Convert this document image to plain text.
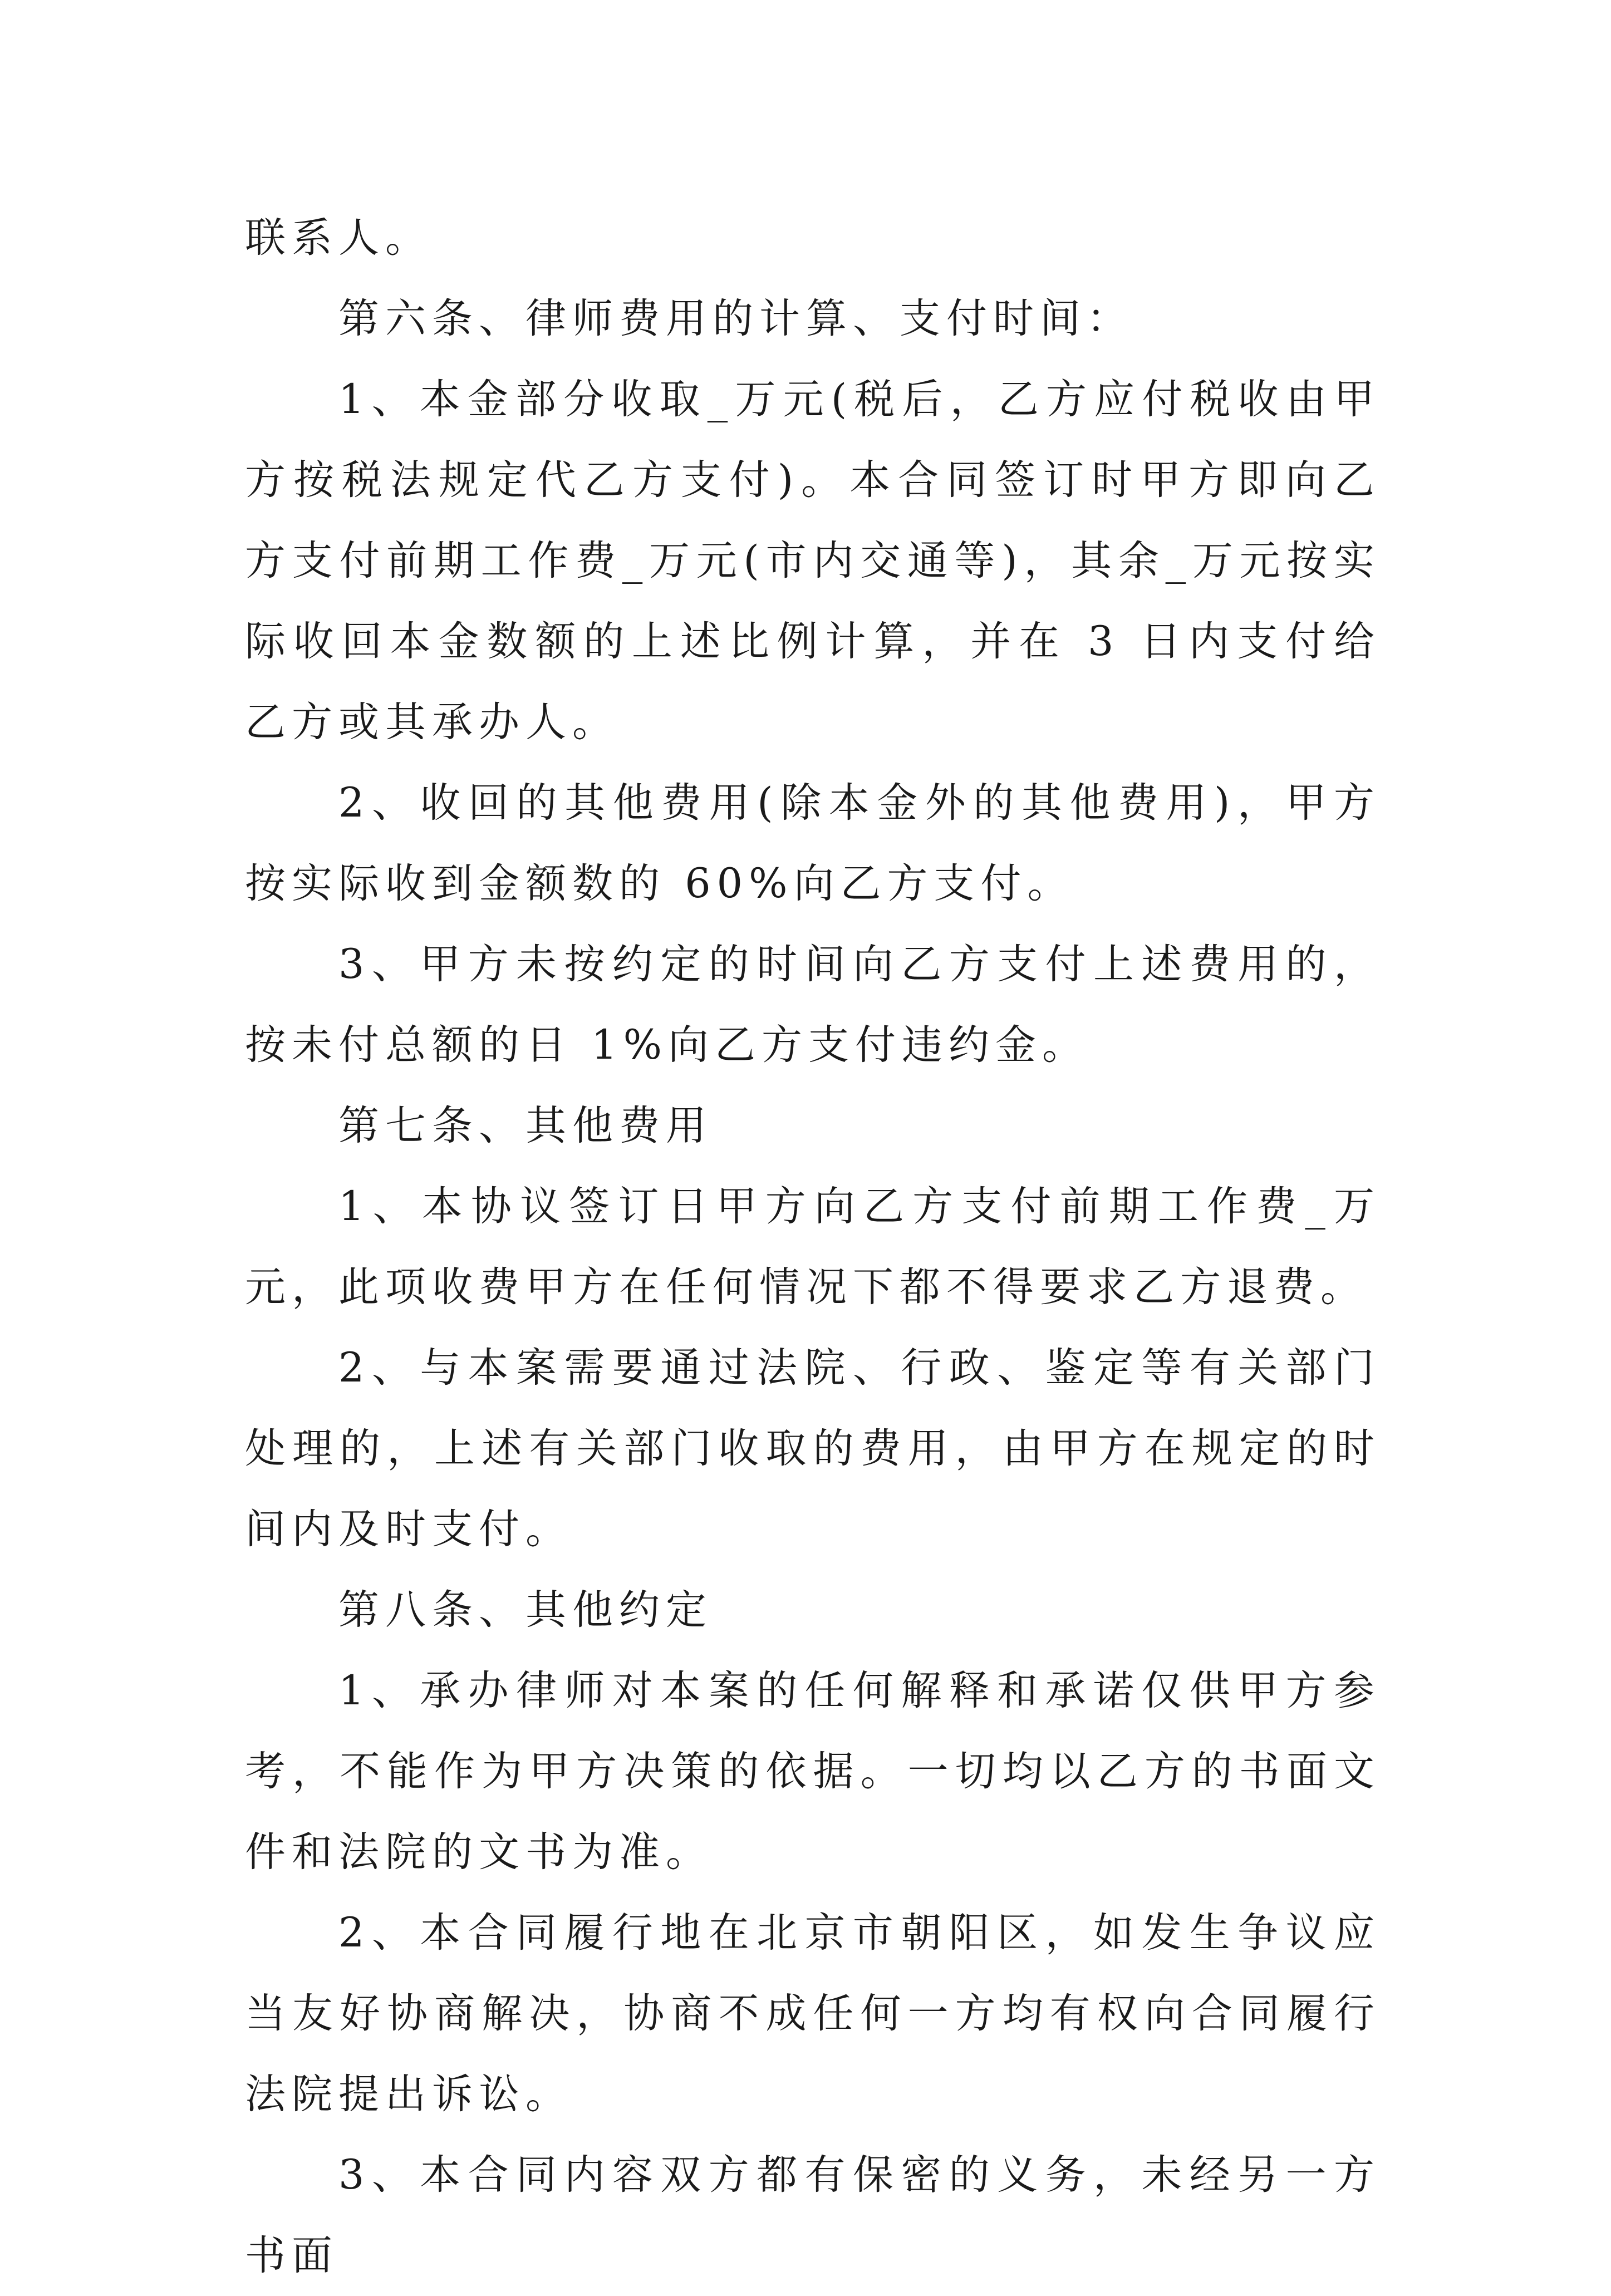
联系人。

第六条、律师费用的计算、支付时间：

1、本金部分收取_万元(税后，乙方应付税收由甲方按税法规定代乙方支付)。本合同签订时甲方即向乙方支付前期工作费_万元(市内交通等)，其余_万元按实际收回本金数额的上述比例计算，并在 3 日内支付给乙方或其承办人。

2、收回的其他费用(除本金外的其他费用)，甲方按实际收到金额数的 60%向乙方支付。

3、甲方未按约定的时间向乙方支付上述费用的，按未付总额的日 1%向乙方支付违约金。

第七条、其他费用

1、本协议签订日甲方向乙方支付前期工作费_万元，此项收费甲方在任何情况下都不得要求乙方退费。

2、与本案需要通过法院、行政、鉴定等有关部门处理的，上述有关部门收取的费用，由甲方在规定的时间内及时支付。

第八条、其他约定

1、承办律师对本案的任何解释和承诺仅供甲方参考，不能作为甲方决策的依据。一切均以乙方的书面文件和法院的文书为准。

2、本合同履行地在北京市朝阳区，如发生争议应当友好协商解决，协商不成任何一方均有权向合同履行法院提出诉讼。

3、本合同内容双方都有保密的义务，未经另一方书面
